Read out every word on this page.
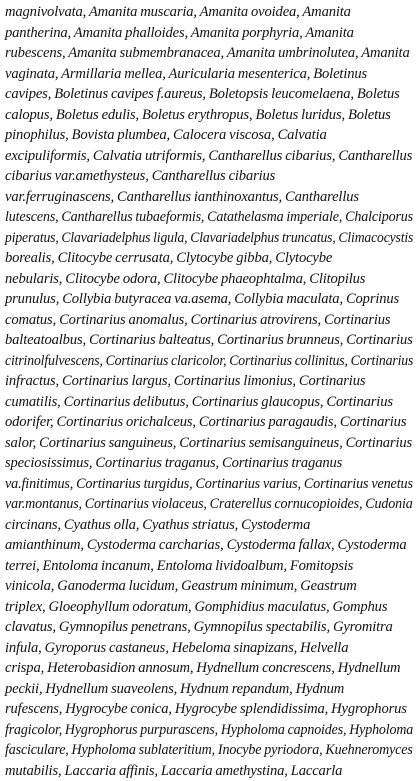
magnivolvata, Amanita muscaria, Amanita ovoidea, Amanita
pantherina, Amanita phalloides, Amanita porphyria, Amanita
rubescens, Amanita submembranacea, Amanita umbrinolutea, Amanita
vaginata, Armillaria mellea, Auricularia mesenterica, Boletinus
cavipes, Boletinus cavipes f.aureus, Boletopsis leucomelaena, Boletus
calopus, Boletus edulis, Boletus erythropus, Boletus luridus, Boletus
pinophilus, Bovista plumbea, Calocera viscosa, Calvatia
excipuliformis, Calvatia utriformis, Cantharellus cibarius, Cantharellus
cibarius var.amethysteus, Cantharellus cibarius
var.ferruginascens, Cantharellus ianthinoxantus, Cantharellus
lutescens, Cantharellus tubaeformis, Catathelasma imperiale, Chalciporus
piperatus, Clavariadelphus ligula, Clavariadelphus truncatus, Climacocystis
borealis, Clitocybe cerrusata, Clytocybe gibba, Clytocybe
nebularis, Clitocybe odora, Clitocybe phaeophtalma, Clitopilus
prunulus, Collybia butyracea va.asema, Collybia maculata, Coprinus
comatus, Cortinarius anomalus, Cortinarius atrovirens, Cortinarius
balteatoalbus, Cortinarius balteatus, Cortinarius brunneus, Cortinarius
citrinolfulvescens, Cortinarius claricolor, Cortinarius collinitus, Cortinarius
infractus, Cortinarius largus, Cortinarius limonius, Cortinarius
cumatilis, Cortinarius delibutus, Cortinarius glaucopus, Cortinarius
odorifer, Cortinarius orichalceus, Cortinarius paragaudis, Cortinarius
salor, Cortinarius sanguineus, Cortinarius semisanguineus, Cortinarius
speciosissimus, Cortinarius traganus, Cortinarius traganus
va.finitimus, Cortinarius turgidus, Cortinarius varius, Cortinarius venetus
var.montanus, Cortinarius violaceus, Craterellus cornucopioides, Cudonia
circinans, Cyathus olla, Cyathus striatus, Cystoderma
amianthinum, Cystoderma carcharias, Cystoderma fallax, Cystoderma
terrei, Entoloma incanum, Entoloma lividoalbum, Fomitopsis
vinicola, Ganoderma lucidum, Geastrum minimum, Geastrum
triplex, Gloeophyllum odoratum, Gomphidius maculatus, Gomphus
clavatus, Gymnopilus penetrans, Gymnopilus spectabilis, Gyromitra
infula, Gyroporus castaneus, Hebeloma sinapizans, Helvella
crispa, Heterobasidion annosum, Hydnellum concrescens, Hydnellum
peckii, Hydnellum suaveolens, Hydnum repandum, Hydnum
rufescens, Hygrocybe conica, Hygrocybe splendidissima, Hygrophorus
fragicolor, Hygrophorus purpurascens, Hypholoma capnoides, Hypholoma
fasciculare, Hypholoma sublateritium, Inocybe pyriodora, Kuehneromyces
mutabilis, Laccaria affinis, Laccaria amethystina, Laccarla
